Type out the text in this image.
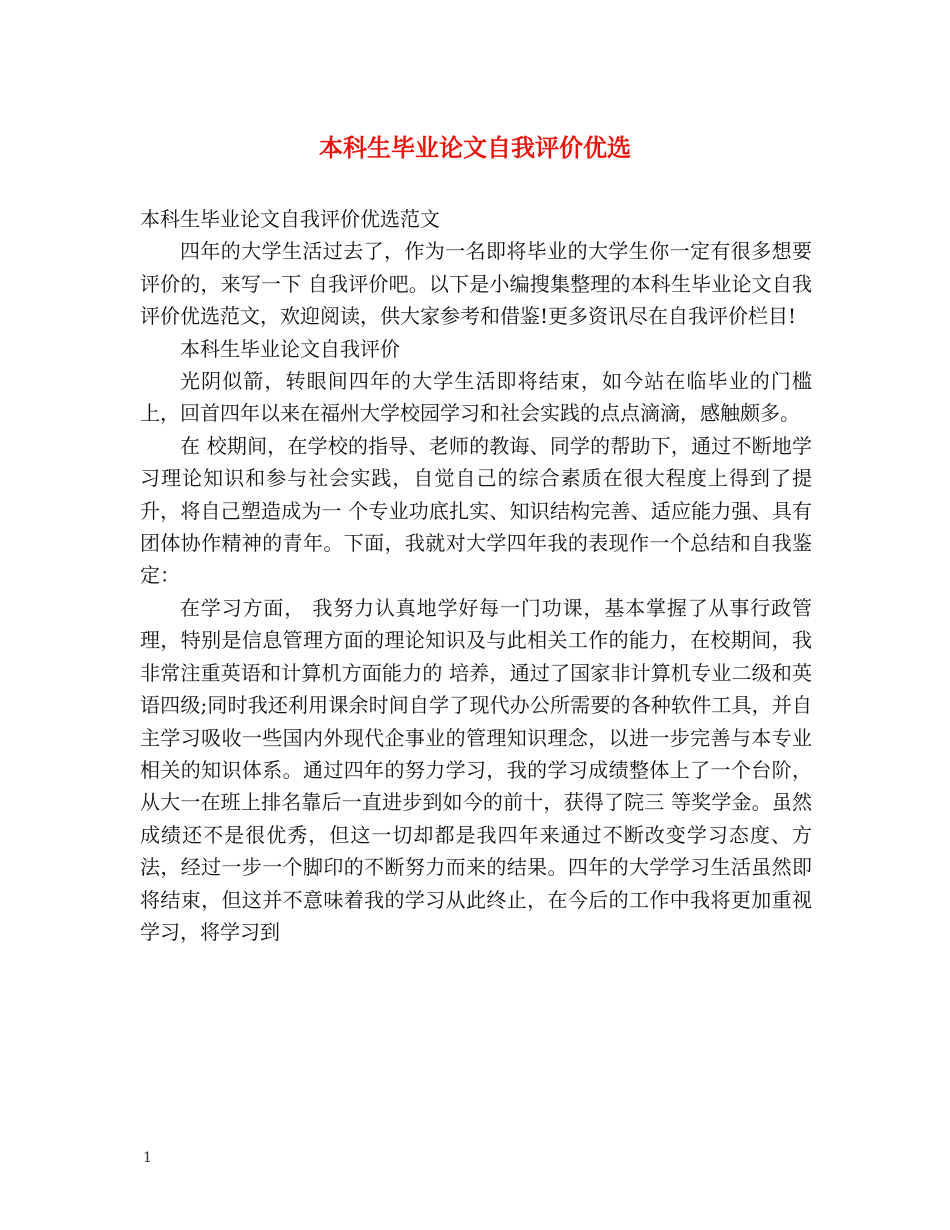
本科生毕业论文自我评价优选

本科生毕业论文自我评价优选范文

四年的大学生活过去了，作为一名即将毕业的大学生你一定有很多想要评价的，来写一下 自我评价吧。以下是小编搜集整理的本科生毕业论文自我评价优选范文，欢迎阅读，供大家参考和借鉴!更多资讯尽在自我评价栏目!

本科生毕业论文自我评价

光阴似箭，转眼间四年的大学生活即将结束，如今站在临毕业的门槛上，回首四年以来在福州大学校园学习和社会实践的点点滴滴，感触颇多。

在 校期间，在学校的指导、老师的教诲、同学的帮助下，通过不断地学习理论知识和参与社会实践，自觉自己的综合素质在很大程度上得到了提升，将自己塑造成为一 个专业功底扎实、知识结构完善、适应能力强、具有团体协作精神的青年。下面，我就对大学四年我的表现作一个总结和自我鉴定：

在学习方面， 我努力认真地学好每一门功课，基本掌握了从事行政管理，特别是信息管理方面的理论知识及与此相关工作的能力，在校期间，我非常注重英语和计算机方面能力的 培养，通过了国家非计算机专业二级和英语四级;同时我还利用课余时间自学了现代办公所需要的各种软件工具，并自主学习吸收一些国内外现代企事业的管理知识理念，以进一步完善与本专业相关的知识体系。通过四年的努力学习，我的学习成绩整体上了一个台阶，从大一在班上排名靠后一直进步到如今的前十，获得了院三 等奖学金。虽然成绩还不是很优秀，但这一切却都是我四年来通过不断改变学习态度、方法，经过一步一个脚印的不断努力而来的结果。四年的大学学习生活虽然即 将结束，但这并不意味着我的学习从此终止，在今后的工作中我将更加重视学习，将学习到

1
